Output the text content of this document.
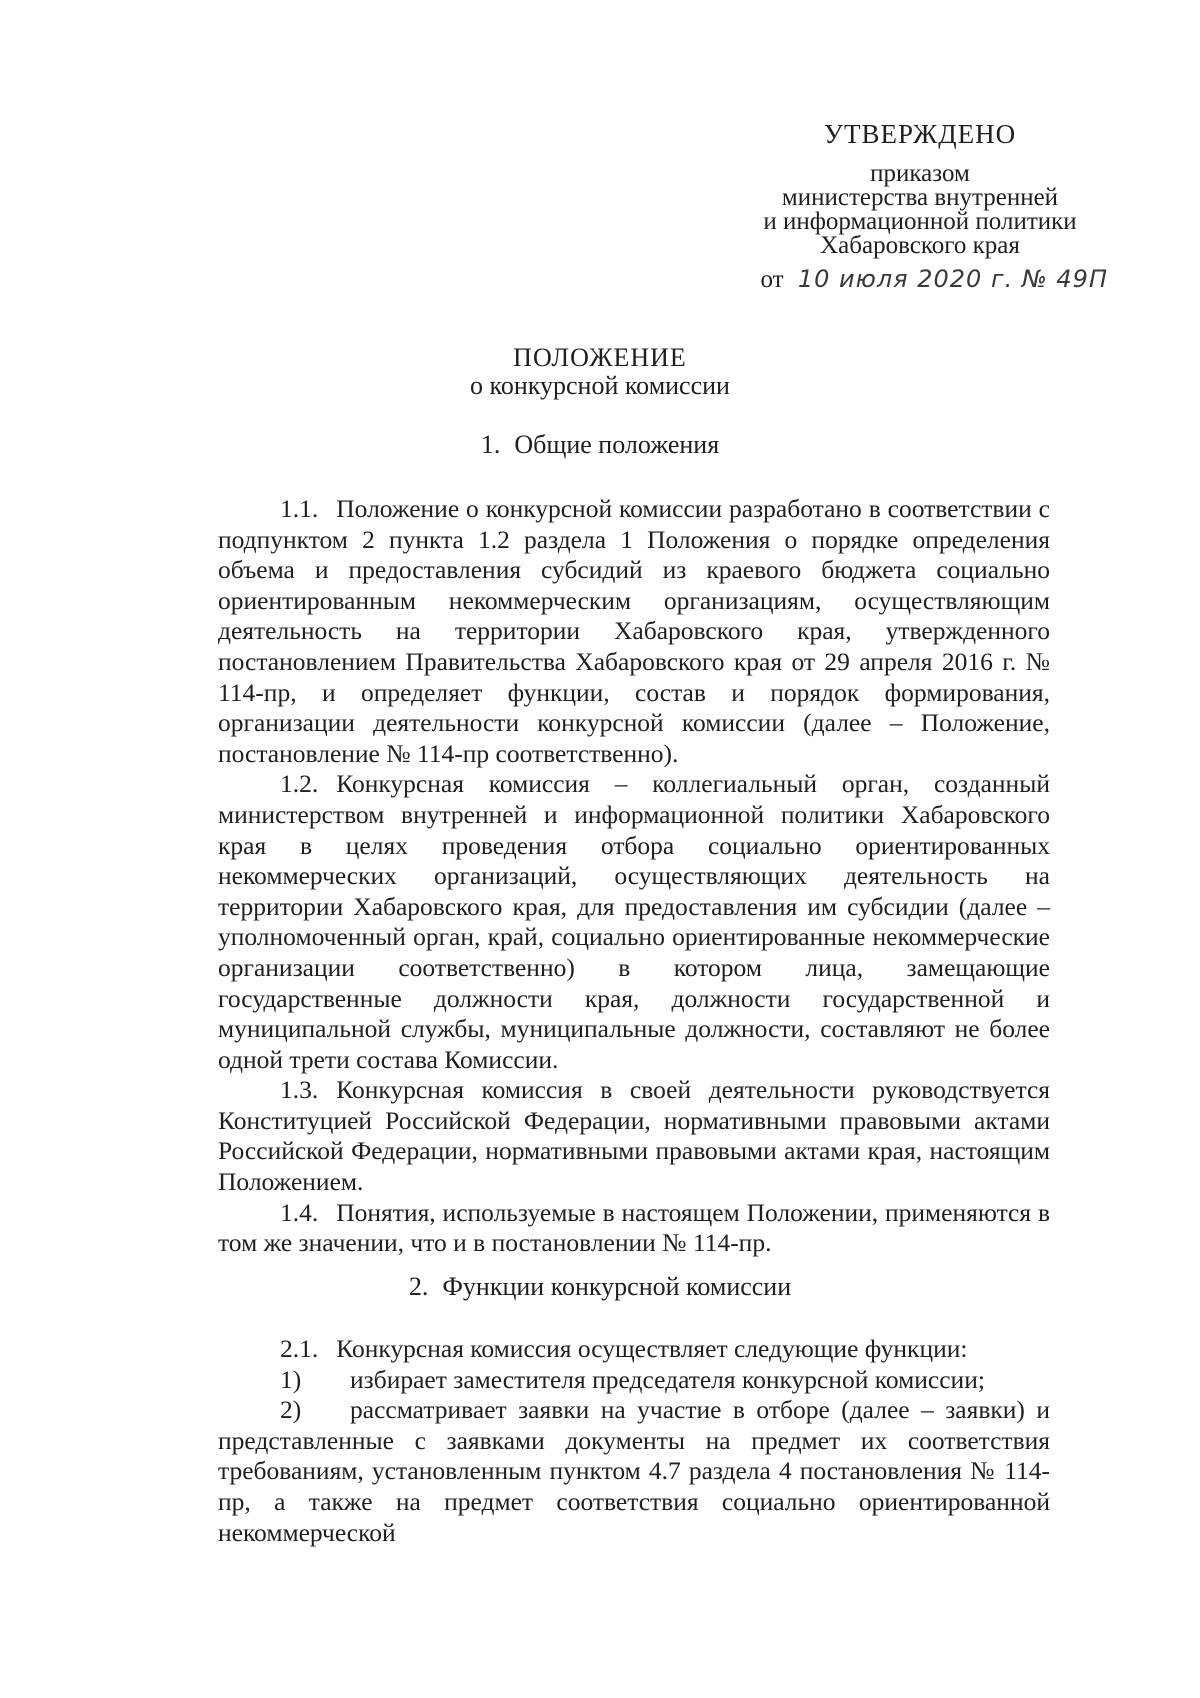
УТВЕРЖДЕНО
приказом
министерства внутренней
и информационной политики
Хабаровского края
от 10 июля 2020 г. № 49П
ПОЛОЖЕНИЕ
о конкурсной комиссии
1. Общие положения

1.1. Положение о конкурсной комиссии разработано в соответствии с подпунктом 2 пункта 1.2 раздела 1 Положения о порядке определения объема и предоставления субсидий из краевого бюджета социально ориентированным некоммерческим организациям, осуществляющим деятельность на территории Хабаровского края, утвержденного постановлением Правительства Хабаровского края от 29 апреля 2016 г. № 114-пр, и определяет функции, состав и порядок формирования, организации деятельности конкурсной комиссии (далее – Положение, постановление № 114-пр соответственно).

1.2. Конкурсная комиссия – коллегиальный орган, созданный министерством внутренней и информационной политики Хабаровского края в целях проведения отбора социально ориентированных некоммерческих организаций, осуществляющих деятельность на территории Хабаровского края, для предоставления им субсидии (далее – уполномоченный орган, край, социально ориентированные некоммерческие организации соответственно) в котором лица, замещающие государственные должности края, должности государственной и муниципальной службы, муниципальные должности, составляют не более одной трети состава Комиссии.

1.3. Конкурсная комиссия в своей деятельности руководствуется Конституцией Российской Федерации, нормативными правовыми актами Российской Федерации, нормативными правовыми актами края, настоящим Положением.

1.4. Понятия, используемые в настоящем Положении, применяются в том же значении, что и в постановлении № 114-пр.

2. Функции конкурсной комиссии

2.1. Конкурсная комиссия осуществляет следующие функции:

1) избирает заместителя председателя конкурсной комиссии;

2) рассматривает заявки на участие в отборе (далее – заявки) и представленные с заявками документы на предмет их соответствия требованиям, установленным пунктом 4.7 раздела 4 постановления № 114-пр, а также на предмет соответствия социально ориентированной некоммерческой
